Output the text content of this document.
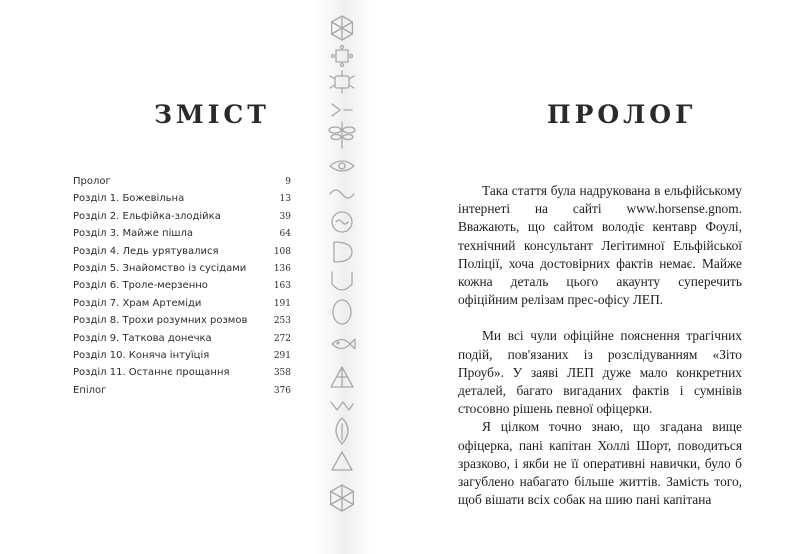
ЗМІСТ
Пролог	9
Розділ 1. Божевільна	13
Розділ 2. Ельфійка-злодійка	39
Розділ 3. Майже пішла	64
Розділ 4. Ледь урятувалися	108
Розділ 5. Знайомство із сусідами	136
Розділ 6. Троле-мерзенно	163
Розділ 7. Храм Артеміди	191
Розділ 8. Трохи розумних розмов	253
Розділ 9. Таткова донечка	272
Розділ 10. Коняча інтуїція	291
Розділ 11. Останнє прощання	358
Епілог	376
ПРОЛОГ

Така стаття була надрукована в ельфійському інтернеті на сайті www.horsense.gnom. Вважають, що сайтом володіє кентавр Фоулі, технічний консультант Легітимної Ельфійської Поліції, хоча достовірних фактів немає. Майже кожна деталь цього акаунту суперечить офіційним релізам прес-офісу ЛЕП.

Ми всі чули офіційне пояснення трагічних подій, пов'язаних із розслідуванням «Зіто Проуб». У заяві ЛЕП дуже мало конкретних деталей, багато вигаданих фактів і сумнівів стосовно рішень певної офіцерки.

Я цілком точно знаю, що згадана вище офіцерка, пані капітан Холлі Шорт, поводиться зразково, і якби не її оперативні навички, було б загублено набагато більше життів. Замість того, щоб вішати всіх собак на шию пані капітана
